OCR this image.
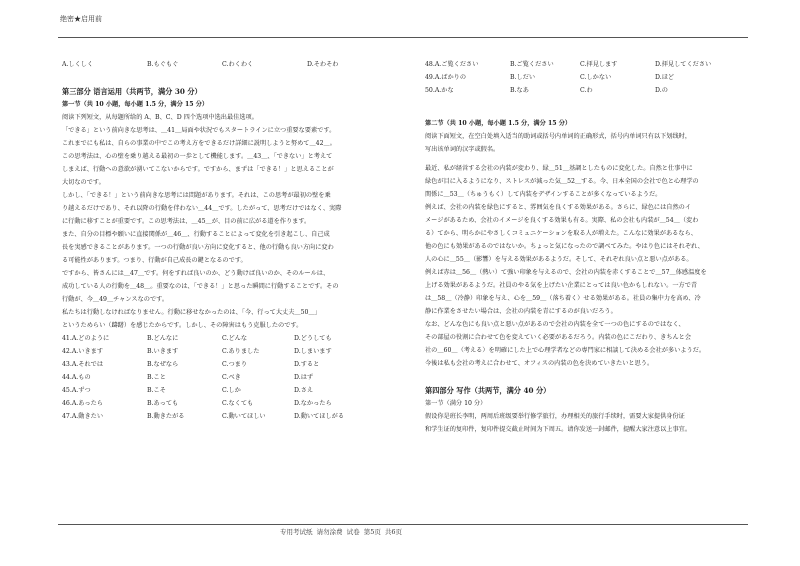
绝密★启用前
A.しくしく	B.もぐもぐ	C.わくわく	D.そわそわ
第三部分 语言运用（共两节，满分 30 分）
第一节（共 10 小题，每小题 1.5 分，满分 15 分）
阅读下列短文，从每题所给的 A、B、C、D 四个选项中选出最佳选项。
「できる」という前向きな思考は、＿41＿局面や状況でもスタートラインに立つ重要な要素です。
これまでにも私は、自らの事業の中でこの考え方をできるだけ詳細に説明しようと努めて＿42＿。
この思考法は、心の壁を乗り越える最初の一歩として機能します。＿43＿、「できない」と考えて
しまえば、行動への意欲が湧いてこないからです。ですから、まずは「できる！」と思えることが
大切なのです。
しかし、「できる！」という前向きな思考には問題があります。それは、この思考が最初の壁を乗
り越えるだけであり、それ以降の行動を伴わない＿44＿です。したがって、思考だけではなく、実際
に行動に移すことが重要です。この思考法は、＿45＿が、目の前に広がる道を作ります。
また、自分の目標や願いに直接関係が＿46＿、行動することによって変化を引き起こし、自己成
長を実感できることがあります。一つの行動が良い方向に変化すると、他の行動も良い方向に変わ
る可能性があります。つまり、行動が自己成長の鍵となるのです。
ですから、皆さんには＿47＿です。何をすれば良いのか、どう動けば良いのか、そのルールは、
成功している人の行動を＿48＿。重要なのは、「できる！」と思った瞬間に行動することです。その
行動が、今＿49＿チャンスなのです。
私たちは行動しなければなりません。行動に移せなかったのは、「今、行って大丈夫＿50＿」
というためらい（躊躇）を感じたからです。しかし、その障害はもう克服したのです。
41.A.どのように	B.どんなに	C.どんな	D.どうしても
42.A.いきます	B.いきます	C.ありました	D.しまいます
43.A.それでは	B.なぜなら	C.つまり	D.すると
44.A.もの	B.こと	C.べき	D.はず
45.A.ずつ	B.こそ	C.しか	D.さえ
46.A.あったら	B.あっても	C.なくても	D.なかったら
47.A.動きたい	B.動きたがる	C.動いてほしい	D.動いてほしがる
48.A.ご覧ください	B.ご覧ください	C.拝見します	D.拝見してください
49.A.ばかりの	B.しだい	C.しかない	D.ほど
50.A.かな	B.なあ	C.わ	D.の
第二节（共 10 小题，每小题 1.5 分，满分 15 分）
阅读下面短文，在空白处填入适当的助词或括号内单词的正确形式，括号内单词只有以下划线时，
写出该单词的汉字或假名。
最近、私が経営する会社の内装が変わり、緑＿51＿基調としたものに変化した。自然と仕事中に
緑色が目に入るようになり、ストレスが減った気＿52＿する。今、日本全国の会社で色と心理学の
関係に＿53＿（ちゅうもく）して内装をデザインすることが多くなっているようだ。
例えば、会社の内装を緑色にすると、雰囲気を良くする効果がある。さらに、緑色には自然のイ
メージがあるため、会社のイメージを良くする効果も有る。実際、私の会社も内装が＿54＿（変わ
る）てから、明らかにやさしくコミュニケーションを取る人が増えた。こんなに効果があるなら、
他の色にも効果があるのではないか。ちょっと気になったので調べてみた。やはり色にはそれぞれ、
人の心に＿55＿（影響）を与える効果があるようだ。そして、それぞれ良い点と悪い点がある。
例えば赤は＿56＿（熱い）て強い印象を与えるので、会社の内装を赤くすることで＿57＿体感温度を
上げる効果があるようだ。社員のやる気を上げたい企業にとっては良い色かもしれない。一方で青
は＿58＿（冷静）印象を与え、心を＿59＿（落ち着く）せる効果がある。社員の集中力を高め、冷
静に作業をさせたい場合は、会社の内装を青にするのが良いだろう。
なお、どんな色にも良い点と悪い点があるので会社の内装を全て一つの色にするのではなく、
その部屋の役割に合わせて色を変えていく必要があるだろう。内装の色にこだわり、きちんと会
社の＿60＿（考える）を明確にした上で心理学者などの専門家に相談して決める会社が多いようだ。
今後は私も会社の考えに合わせて、オフィスの内装の色を決めていきたいと思う。
第四部分 写作（共两节，满分 40 分）
第一节（满分 10 分）
假设你是班长李明，两周后班级要举行修学旅行，办理相关的旅行手续时，需要大家提供身份证
和学生证的复印件，复印件提交截止时间为下周五。请你发送一封邮件，提醒大家注意以上事宜。
专用考试纸 请勿涂费 试卷 第5页 共6页
